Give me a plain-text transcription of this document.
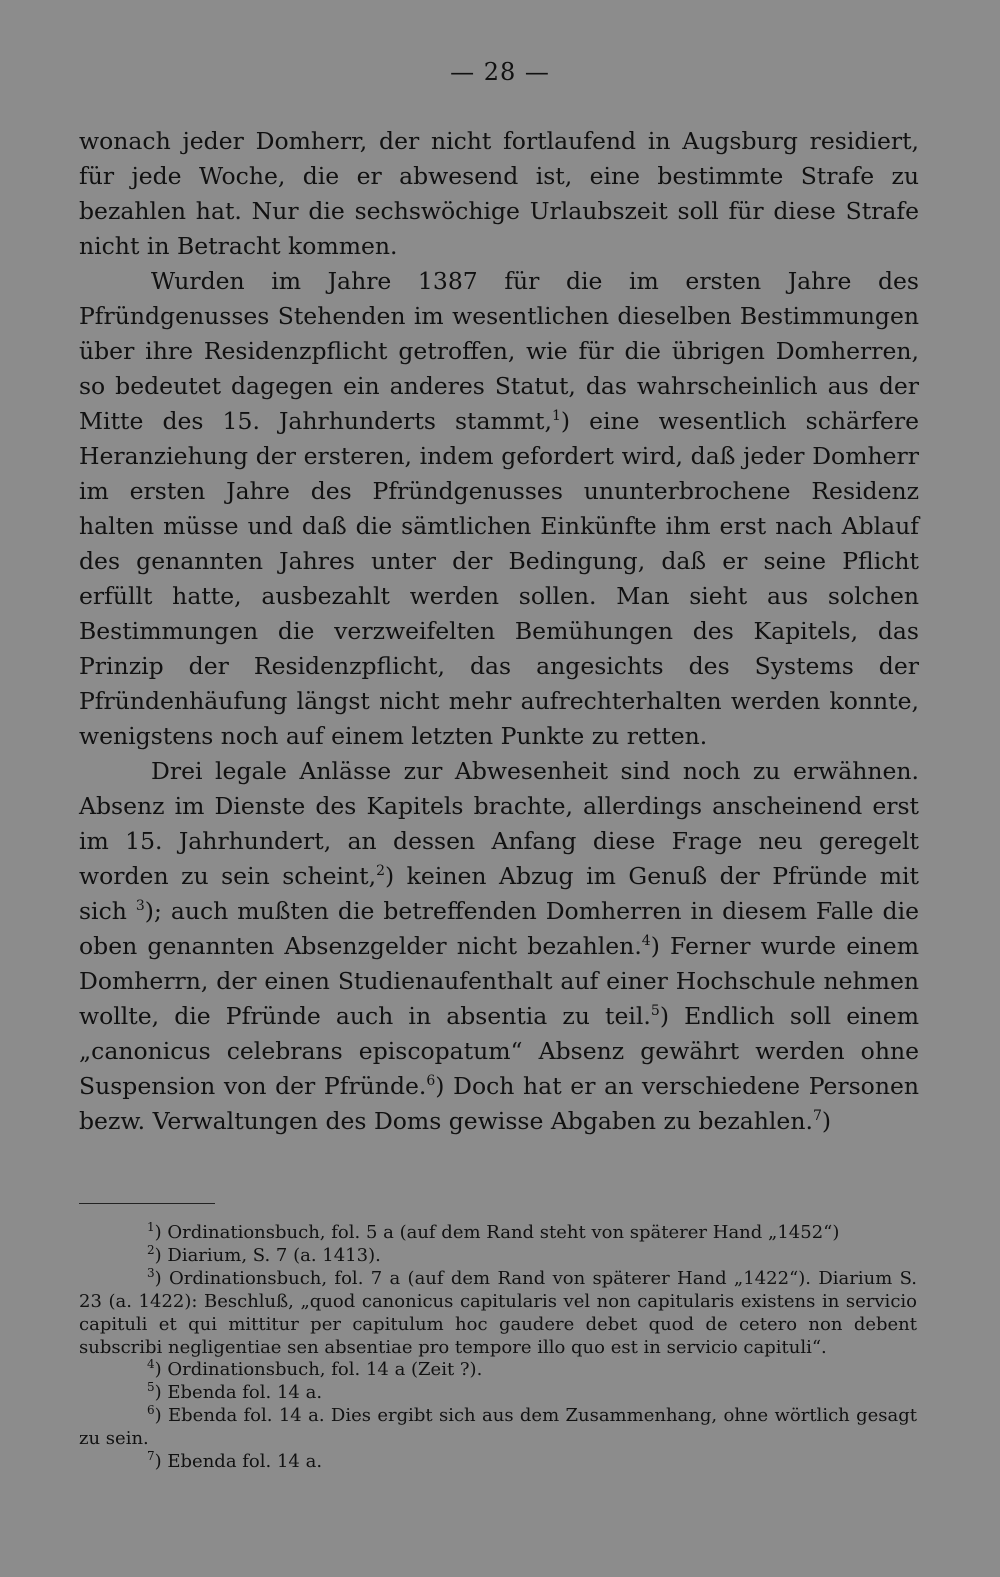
— 28 —

wonach jeder Domherr, der nicht fortlaufend in Augsburg residiert, für jede Woche, die er abwesend ist, eine bestimmte Strafe zu bezahlen hat. Nur die sechswöchige Urlaubszeit soll für diese Strafe nicht in Betracht kommen.

Wurden im Jahre 1387 für die im ersten Jahre des Pfründgenusses Stehenden im wesentlichen dieselben Bestimmungen über ihre Residenzpflicht getroffen, wie für die übrigen Domherren, so bedeutet dagegen ein anderes Statut, das wahrscheinlich aus der Mitte des 15. Jahrhunderts stammt,$^1$) eine wesentlich schärfere Heranziehung der ersteren, indem gefordert wird, daß jeder Domherr im ersten Jahre des Pfründgenusses ununterbrochene Residenz halten müsse und daß die sämtlichen Einkünfte ihm erst nach Ablauf des genannten Jahres unter der Bedingung, daß er seine Pflicht erfüllt hatte, ausbezahlt werden sollen. Man sieht aus solchen Bestimmungen die verzweifelten Bemühungen des Kapitels, das Prinzip der Residenzpflicht, das angesichts des Systems der Pfründenhäufung längst nicht mehr aufrechterhalten werden konnte, wenigstens noch auf einem letzten Punkte zu retten.

Drei legale Anlässe zur Abwesenheit sind noch zu erwähnen. Absenz im Dienste des Kapitels brachte, allerdings anscheinend erst im 15. Jahrhundert, an dessen Anfang diese Frage neu geregelt worden zu sein scheint,$^2$) keinen Abzug im Genuß der Pfründe mit sich $^3$); auch mußten die betreffenden Domherren in diesem Falle die oben genannten Absenzgelder nicht bezahlen.$^4$) Ferner wurde einem Domherrn, der einen Studienaufenthalt auf einer Hochschule nehmen wollte, die Pfründe auch in absentia zu teil.$^5$) Endlich soll einem „canonicus celebrans episcopatum“ Absenz gewährt werden ohne Suspension von der Pfründe.$^6$) Doch hat er an verschiedene Personen bezw. Verwaltungen des Doms gewisse Abgaben zu bezahlen.$^7$)

$^1$) Ordinationsbuch, fol. 5 a (auf dem Rand steht von späterer Hand „1452“)

$^2$) Diarium, S. 7 (a. 1413).

$^3$) Ordinationsbuch, fol. 7 a (auf dem Rand von späterer Hand „1422“). Diarium S. 23 (a. 1422): Beschluß, „quod canonicus capitularis vel non capitularis existens in servicio capituli et qui mittitur per capitulum hoc gaudere debet quod de cetero non debent subscribi negligentiae sen absentiae pro tempore illo quo est in servicio capituli“.

$^4$) Ordinationsbuch, fol. 14 a (Zeit ?).

$^5$) Ebenda fol. 14 a.

$^6$) Ebenda fol. 14 a. Dies ergibt sich aus dem Zusammenhang, ohne wörtlich gesagt zu sein.

$^7$) Ebenda fol. 14 a.
